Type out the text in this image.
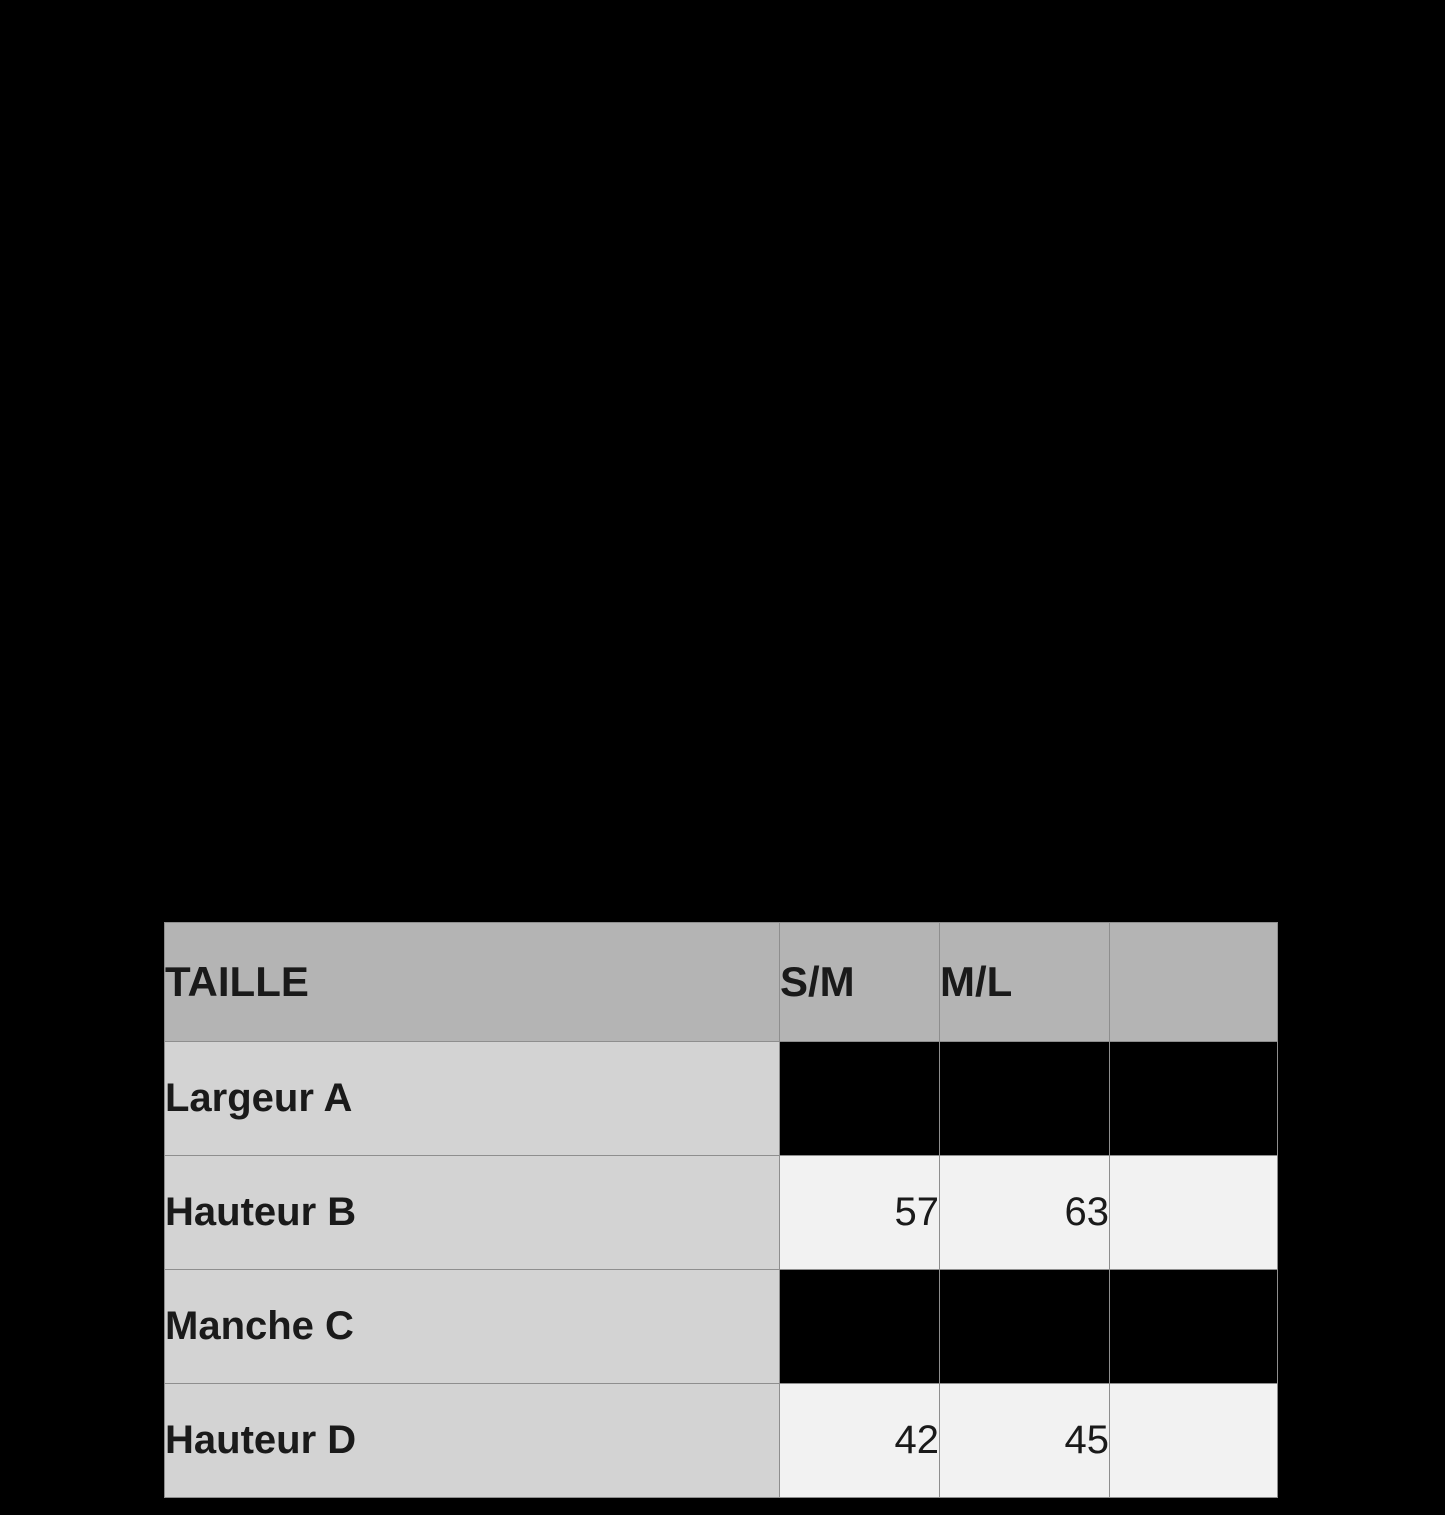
TAILLE	S/M	M/L	
Largeur A			
Hauteur B	57	63	
Manche C			
Hauteur D	42	45	
